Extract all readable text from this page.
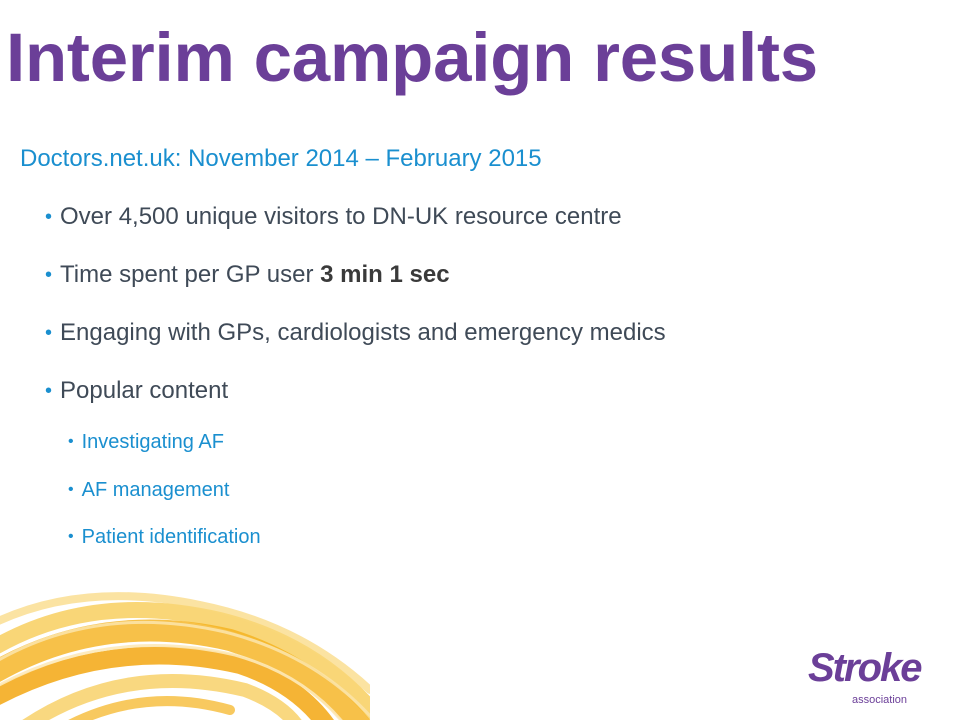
Interim campaign results
Doctors.net.uk: November 2014 – February 2015
• Over 4,500 unique visitors to DN-UK resource centre
• Time spent per GP user 3 min 1 sec
• Engaging with GPs, cardiologists and emergency medics
• Popular content
• Investigating AF
• AF management
• Patient identification
Stroke
association
